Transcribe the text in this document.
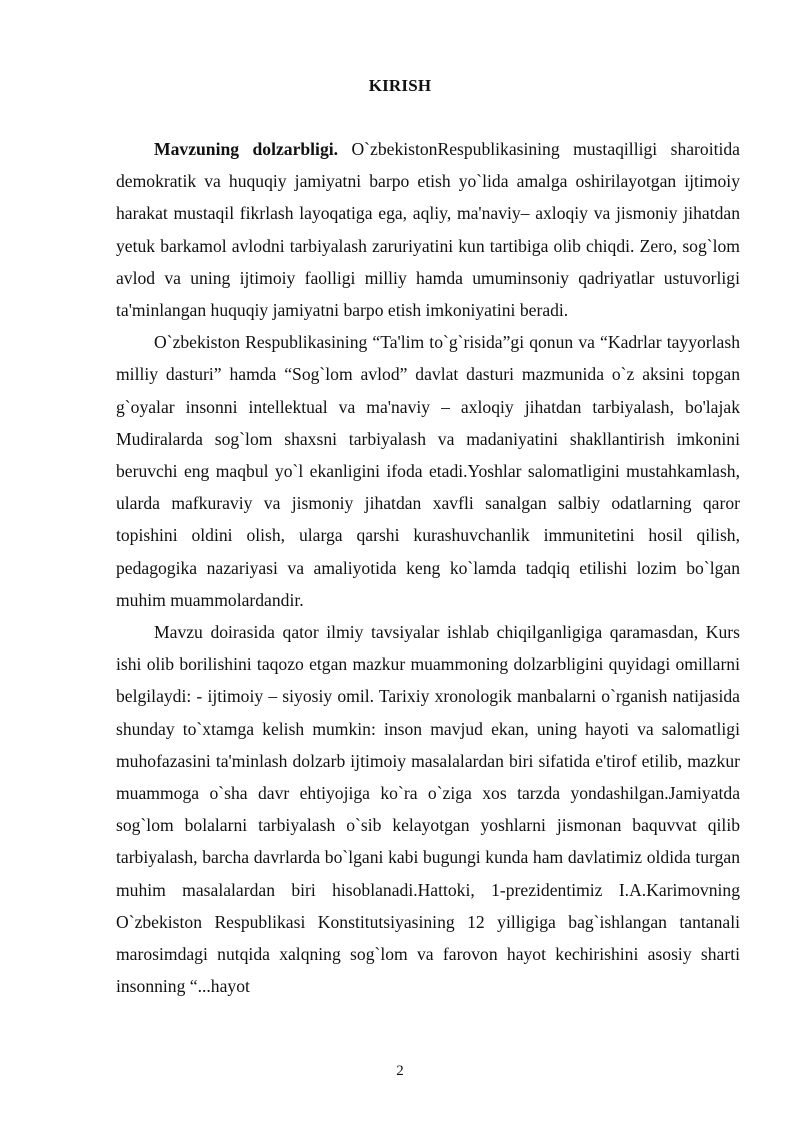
KIRISH

Mavzuning dolzarbligi. O`zbekistonRespublikasining mustaqilligi sharoitida demokratik va huquqiy jamiyatni barpo etish yo`lida amalga oshirilayotgan ijtimoiy harakat mustaqil fikrlash layoqatiga ega, aqliy, ma'naviy– axloqiy va jismoniy jihatdan yetuk barkamol avlodni tarbiyalash zaruriyatini kun tartibiga olib chiqdi. Zero, sog`lom avlod va uning ijtimoiy faolligi milliy hamda umuminsoniy qadriyatlar ustuvorligi ta'minlangan huquqiy jamiyatni barpo etish imkoniyatini beradi.

O`zbekiston Respublikasining “Ta'lim to`g`risida”gi qonun va “Kadrlar tayyorlash milliy dasturi” hamda “Sog`lom avlod” davlat dasturi mazmunida o`z aksini topgan g`oyalar insonni intellektual va ma'naviy – axloqiy jihatdan tarbiyalash, bo'lajak Mudiralarda sog`lom shaxsni tarbiyalash va madaniyatini shakllantirish imkonini beruvchi eng maqbul yo`l ekanligini ifoda etadi.Yoshlar salomatligini mustahkamlash, ularda mafkuraviy va jismoniy jihatdan xavfli sanalgan salbiy odatlarning qaror topishini oldini olish, ularga qarshi kurashuvchanlik immunitetini hosil qilish, pedagogika nazariyasi va amaliyotida keng ko`lamda tadqiq etilishi lozim bo`lgan muhim muammolardandir.

Mavzu doirasida qator ilmiy tavsiyalar ishlab chiqilganligiga qaramasdan, Kurs ishi olib borilishini taqozo etgan mazkur muammoning dolzarbligini quyidagi omillarni belgilaydi: - ijtimoiy – siyosiy omil. Tarixiy xronologik manbalarni o`rganish natijasida shunday to`xtamga kelish mumkin: inson mavjud ekan, uning hayoti va salomatligi muhofazasini ta'minlash dolzarb ijtimoiy masalalardan biri sifatida e'tirof etilib, mazkur muammoga o`sha davr ehtiyojiga ko`ra o`ziga xos tarzda yondashilgan.Jamiyatda sog`lom bolalarni tarbiyalash o`sib kelayotgan yoshlarni jismonan baquvvat qilib tarbiyalash, barcha davrlarda bo`lgani kabi bugungi kunda ham davlatimiz oldida turgan muhim masalalardan biri hisoblanadi.Hattoki, 1-prezidentimiz I.A.Karimovning O`zbekiston Respublikasi Konstitutsiyasining 12 yilligiga bag`ishlangan tantanali marosimdagi nutqida xalqning sog`lom va farovon hayot kechirishini asosiy sharti insonning “...hayot

2
